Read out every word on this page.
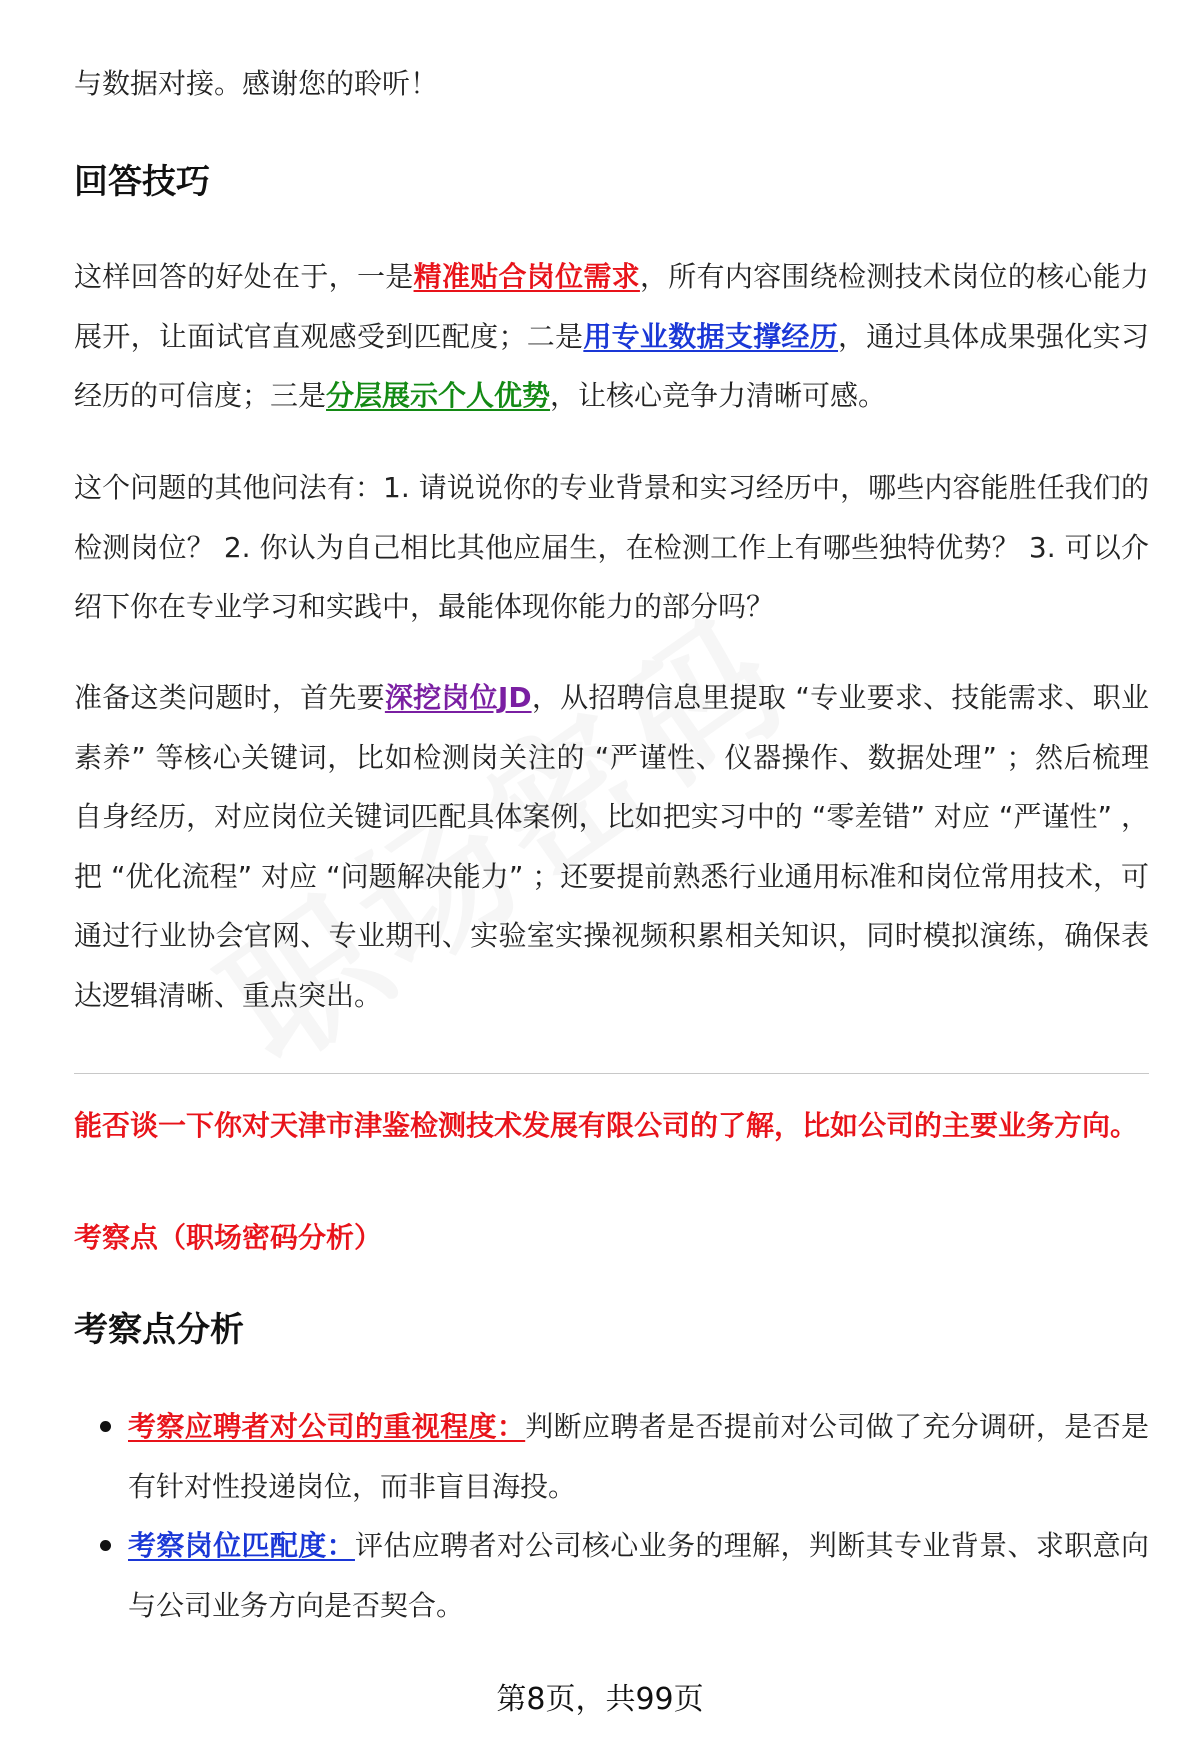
与数据对接。感谢您的聆听！

回答技巧

这样回答的好处在于，一是精准贴合岗位需求，所有内容围绕检测技术岗位的核心能力展开，让面试官直观感受到匹配度；二是用专业数据支撑经历，通过具体成果强化实习经历的可信度；三是分层展示个人优势，让核心竞争力清晰可感。

这个问题的其他问法有：1. 请说说你的专业背景和实习经历中，哪些内容能胜任我们的检测岗位？ 2. 你认为自己相比其他应届生，在检测工作上有哪些独特优势？ 3. 可以介绍下你在专业学习和实践中，最能体现你能力的部分吗？

准备这类问题时，首先要深挖岗位JD，从招聘信息里提取 “专业要求、技能需求、职业素养” 等核心关键词，比如检测岗关注的 “严谨性、仪器操作、数据处理” ；然后梳理自身经历，对应岗位关键词匹配具体案例，比如把实习中的 “零差错” 对应 “严谨性” ，把 “优化流程” 对应 “问题解决能力” ；还要提前熟悉行业通用标准和岗位常用技术，可通过行业协会官网、专业期刊、实验室实操视频积累相关知识，同时模拟演练，确保表达逻辑清晰、重点突出。

能否谈一下你对天津市津鉴检测技术发展有限公司的了解，比如公司的主要业务方向。

考察点（职场密码分析）

考察点分析
考察应聘者对公司的重视程度：判断应聘者是否提前对公司做了充分调研，是否是有针对性投递岗位，而非盲目海投。
考察岗位匹配度：评估应聘者对公司核心业务的理解，判断其专业背景、求职意向与公司业务方向是否契合。
第8页，共99页
